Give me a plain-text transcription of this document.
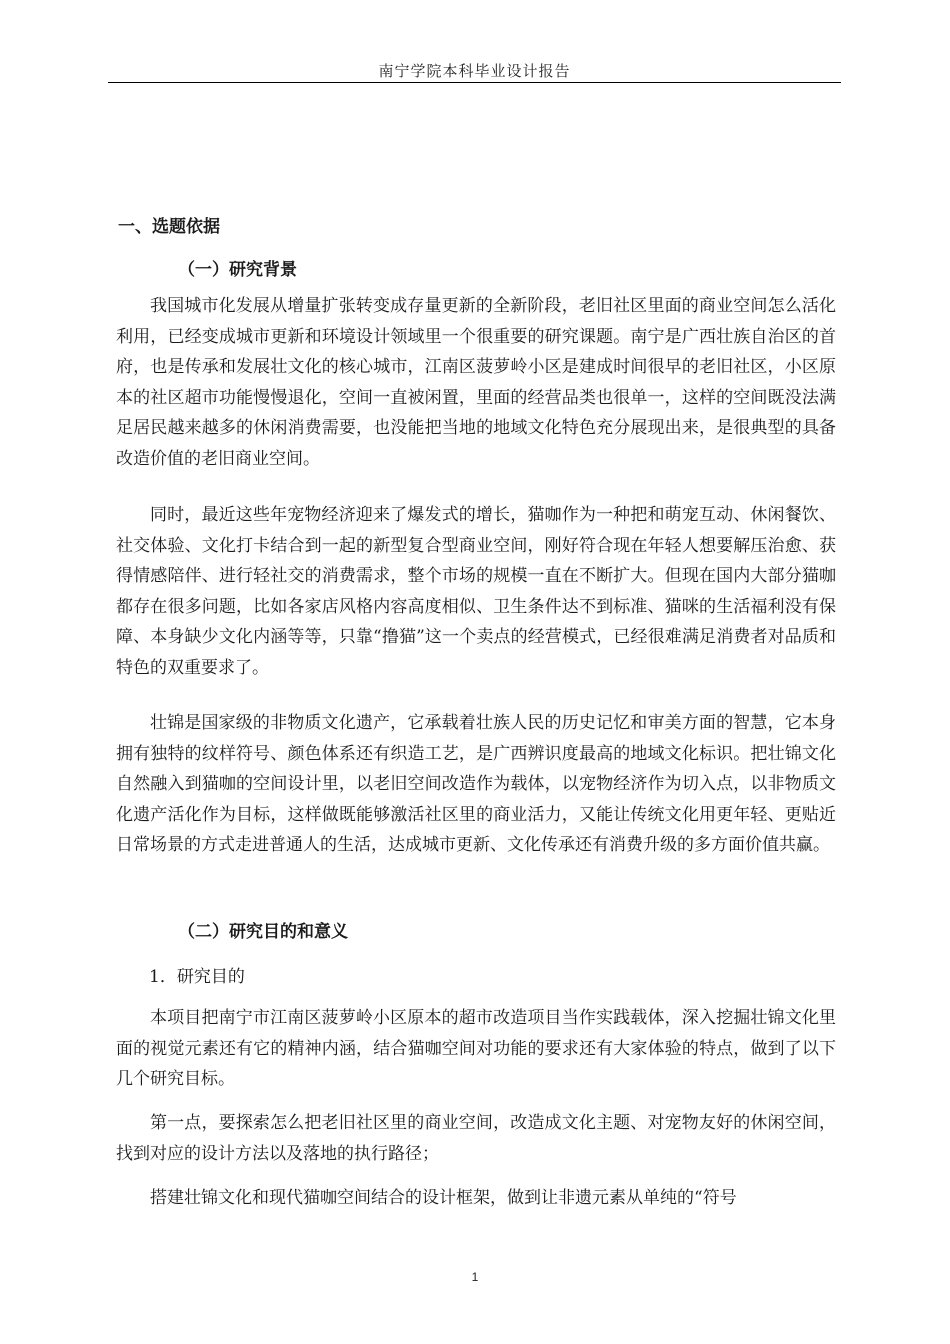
南宁学院本科毕业设计报告
一、选题依据
（一）研究背景
我国城市化发展从增量扩张转变成存量更新的全新阶段，老旧社区里面的商业空间怎么活化利用，已经变成城市更新和环境设计领域里一个很重要的研究课题。南宁是广西壮族自治区的首府，也是传承和发展壮文化的核心城市，江南区菠萝岭小区是建成时间很早的老旧社区，小区原本的社区超市功能慢慢退化，空间一直被闲置，里面的经营品类也很单一，这样的空间既没法满足居民越来越多的休闲消费需要，也没能把当地的地域文化特色充分展现出来，是很典型的具备改造价值的老旧商业空间。
同时，最近这些年宠物经济迎来了爆发式的增长，猫咖作为一种把和萌宠互动、休闲餐饮、社交体验、文化打卡结合到一起的新型复合型商业空间，刚好符合现在年轻人想要解压治愈、获得情感陪伴、进行轻社交的消费需求，整个市场的规模一直在不断扩大。但现在国内大部分猫咖都存在很多问题，比如各家店风格内容高度相似、卫生条件达不到标准、猫咪的生活福利没有保障、本身缺少文化内涵等等，只靠“撸猫”这一个卖点的经营模式，已经很难满足消费者对品质和特色的双重要求了。
壮锦是国家级的非物质文化遗产，它承载着壮族人民的历史记忆和审美方面的智慧，它本身拥有独特的纹样符号、颜色体系还有织造工艺，是广西辨识度最高的地域文化标识。把壮锦文化自然融入到猫咖的空间设计里，以老旧空间改造作为载体，以宠物经济作为切入点，以非物质文化遗产活化作为目标，这样做既能够激活社区里的商业活力，又能让传统文化用更年轻、更贴近日常场景的方式走进普通人的生活，达成城市更新、文化传承还有消费升级的多方面价值共赢。
（二）研究目的和意义
1．研究目的
本项目把南宁市江南区菠萝岭小区原本的超市改造项目当作实践载体，深入挖掘壮锦文化里面的视觉元素还有它的精神内涵，结合猫咖空间对功能的要求还有大家体验的特点，做到了以下几个研究目标。
第一点，要探索怎么把老旧社区里的商业空间，改造成文化主题、对宠物友好的休闲空间，找到对应的设计方法以及落地的执行路径；
搭建壮锦文化和现代猫咖空间结合的设计框架，做到让非遗元素从单纯的“符号
1
